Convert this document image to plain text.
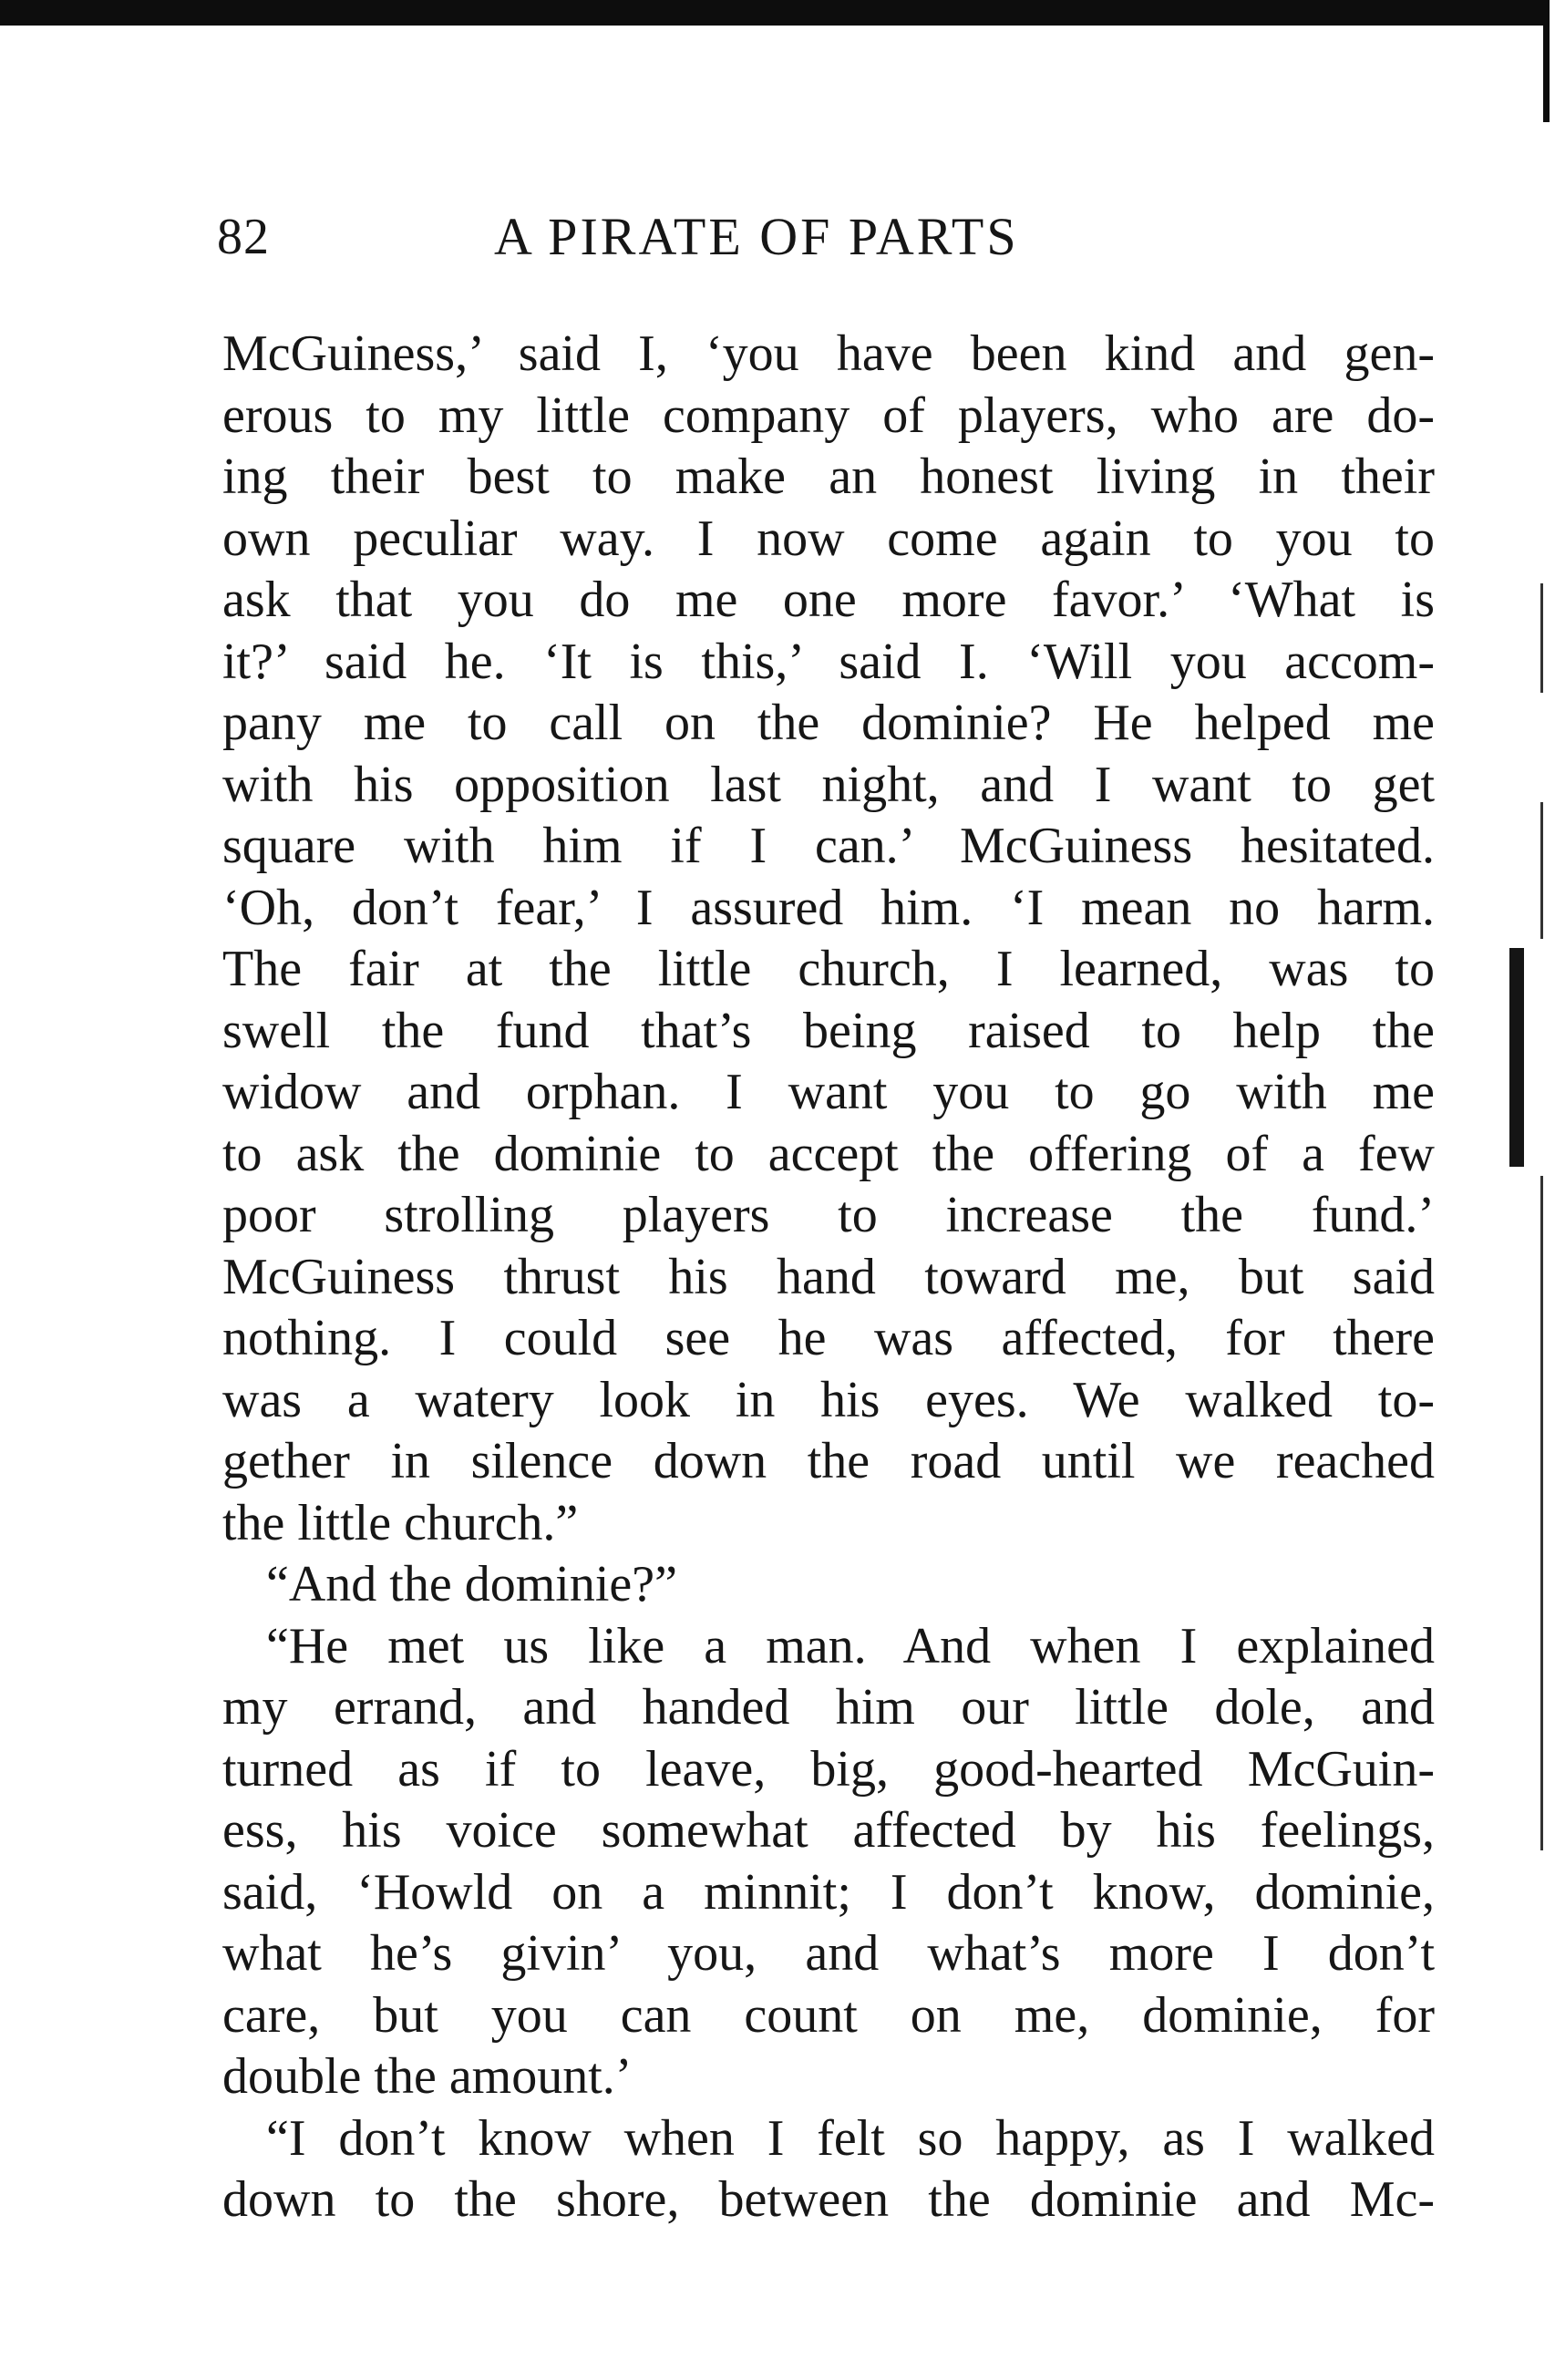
82	A PIRATE OF PARTS
McGuiness,’ said I, ‘you have been kind and gen-
erous to my little company of players, who are do-
ing their best to make an honest living in their
own peculiar way. I now come again to you to
ask that you do me one more favor.’ ‘What is
it?’ said he. ‘It is this,’ said I. ‘Will you accom-
pany me to call on the dominie? He helped me
with his opposition last night, and I want to get
square with him if I can.’ McGuiness hesitated.
‘Oh, don’t fear,’ I assured him. ‘I mean no harm.
The fair at the little church, I learned, was to
swell the fund that’s being raised to help the
widow and orphan. I want you to go with me
to ask the dominie to accept the offering of a few
poor strolling players to increase the fund.’
McGuiness thrust his hand toward me, but said
nothing. I could see he was affected, for there
was a watery look in his eyes. We walked to-
gether in silence down the road until we reached
the little church.”
“And the dominie?”
“He met us like a man. And when I explained
my errand, and handed him our little dole, and
turned as if to leave, big, good-hearted McGuin-
ess, his voice somewhat affected by his feelings,
said, ‘Howld on a minnit; I don’t know, dominie,
what he’s givin’ you, and what’s more I don’t
care, but you can count on me, dominie, for
double the amount.’
“I don’t know when I felt so happy, as I walked
down to the shore, between the dominie and Mc-
